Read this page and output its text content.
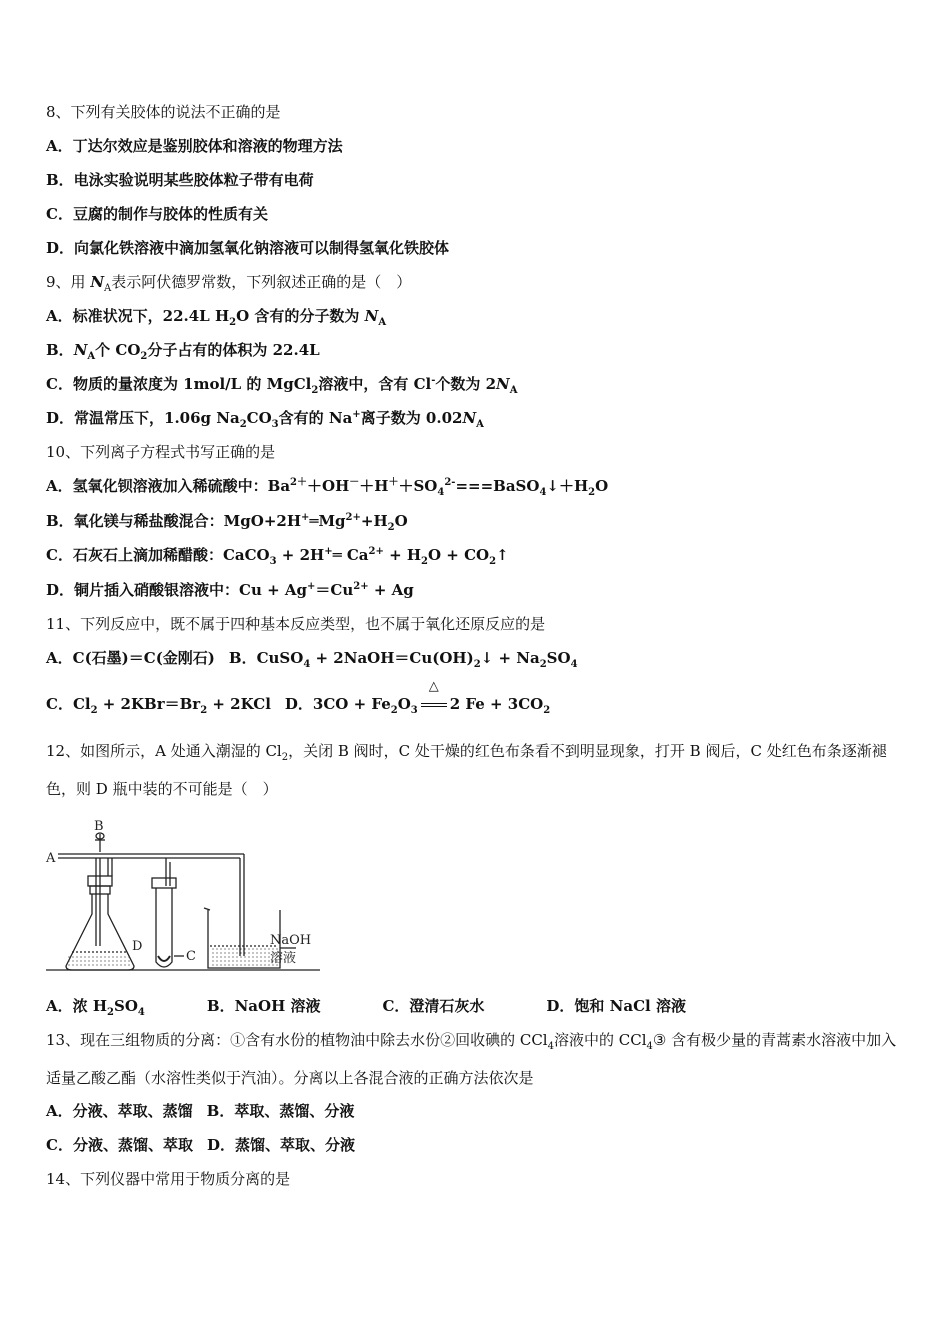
8、下列有关胶体的说法不正确的是
A．丁达尔效应是鉴别胶体和溶液的物理方法
B．电泳实验说明某些胶体粒子带有电荷
C．豆腐的制作与胶体的性质有关
D．向氯化铁溶液中滴加氢氧化钠溶液可以制得氢氧化铁胶体
9、用 $N_A$表示阿伏德罗常数，下列叙述正确的是（　）
A．标准状况下，22.4L $H_2O$ 含有的分子数为 $N_A$
B．$N_A$个 $CO_2$分子占有的体积为 22.4L
C．物质的量浓度为 1mol/L 的 MgCl$_2$溶液中，含有 Cl-个数为 $2N_A$
D．常温常压下，1.06g $Na_2CO_3$含有的 Na+离子数为 $0.02N_A$
10、下列离子方程式书写正确的是
A．氢氧化钡溶液加入稀硫酸中：$Ba^{2+}+OH^-+H^++SO_4^{2-}===BaSO_4↓+H_2O$
B．氧化镁与稀盐酸混合：$MgO+2H^+═Mg^{2+}+H_2O$
C．石灰石上滴加稀醋酸：CaCO$_3$ + 2H+═ $Ca^{2+} + H_2O$ + $CO_2↑$
D．铜片插入硝酸银溶液中：$Cu + Ag^+=Cu^{2+} + Ag$
11、下列反应中，既不属于四种基本反应类型，也不属于氧化还原反应的是
A．C(石墨)＝C(金刚石) B．CuSO$_4$ + $2NaOH=Cu(OH)_2↓ + Na_2SO_4$
C．$Cl_2 + 2KBr=Br_2 + 2KCl$ D．$3CO + Fe_2O_3$
△
2 $Fe + 3CO_2$
12、如图所示，A 处通入潮湿的 $Cl_2$，关闭 B 阀时，C 处干燥的红色布条看不到明显现象，打开 B 阀后，C 处红色布条逐渐褪色，则 D 瓶中装的不可能是（　）
A
B
C
D	NaOH
溶液
A．浓 $H_2SO_4$	B．NaOH 溶液	C．澄清石灰水	D．饱和 NaCl 溶液
13、现在三组物质的分离：①含有水份的植物油中除去水份②回收碘的 CCl$_4$溶液中的 CCl$_4$③ 含有极少量的青蒿素水溶液中加入适量乙酸乙酯（水溶性类似于汽油）。分离以上各混合液的正确方法依次是
A．分液、萃取、蒸馏 B．萃取、蒸馏、分液
C．分液、蒸馏、萃取 D．蒸馏、萃取、分液
14、下列仪器中常用于物质分离的是
